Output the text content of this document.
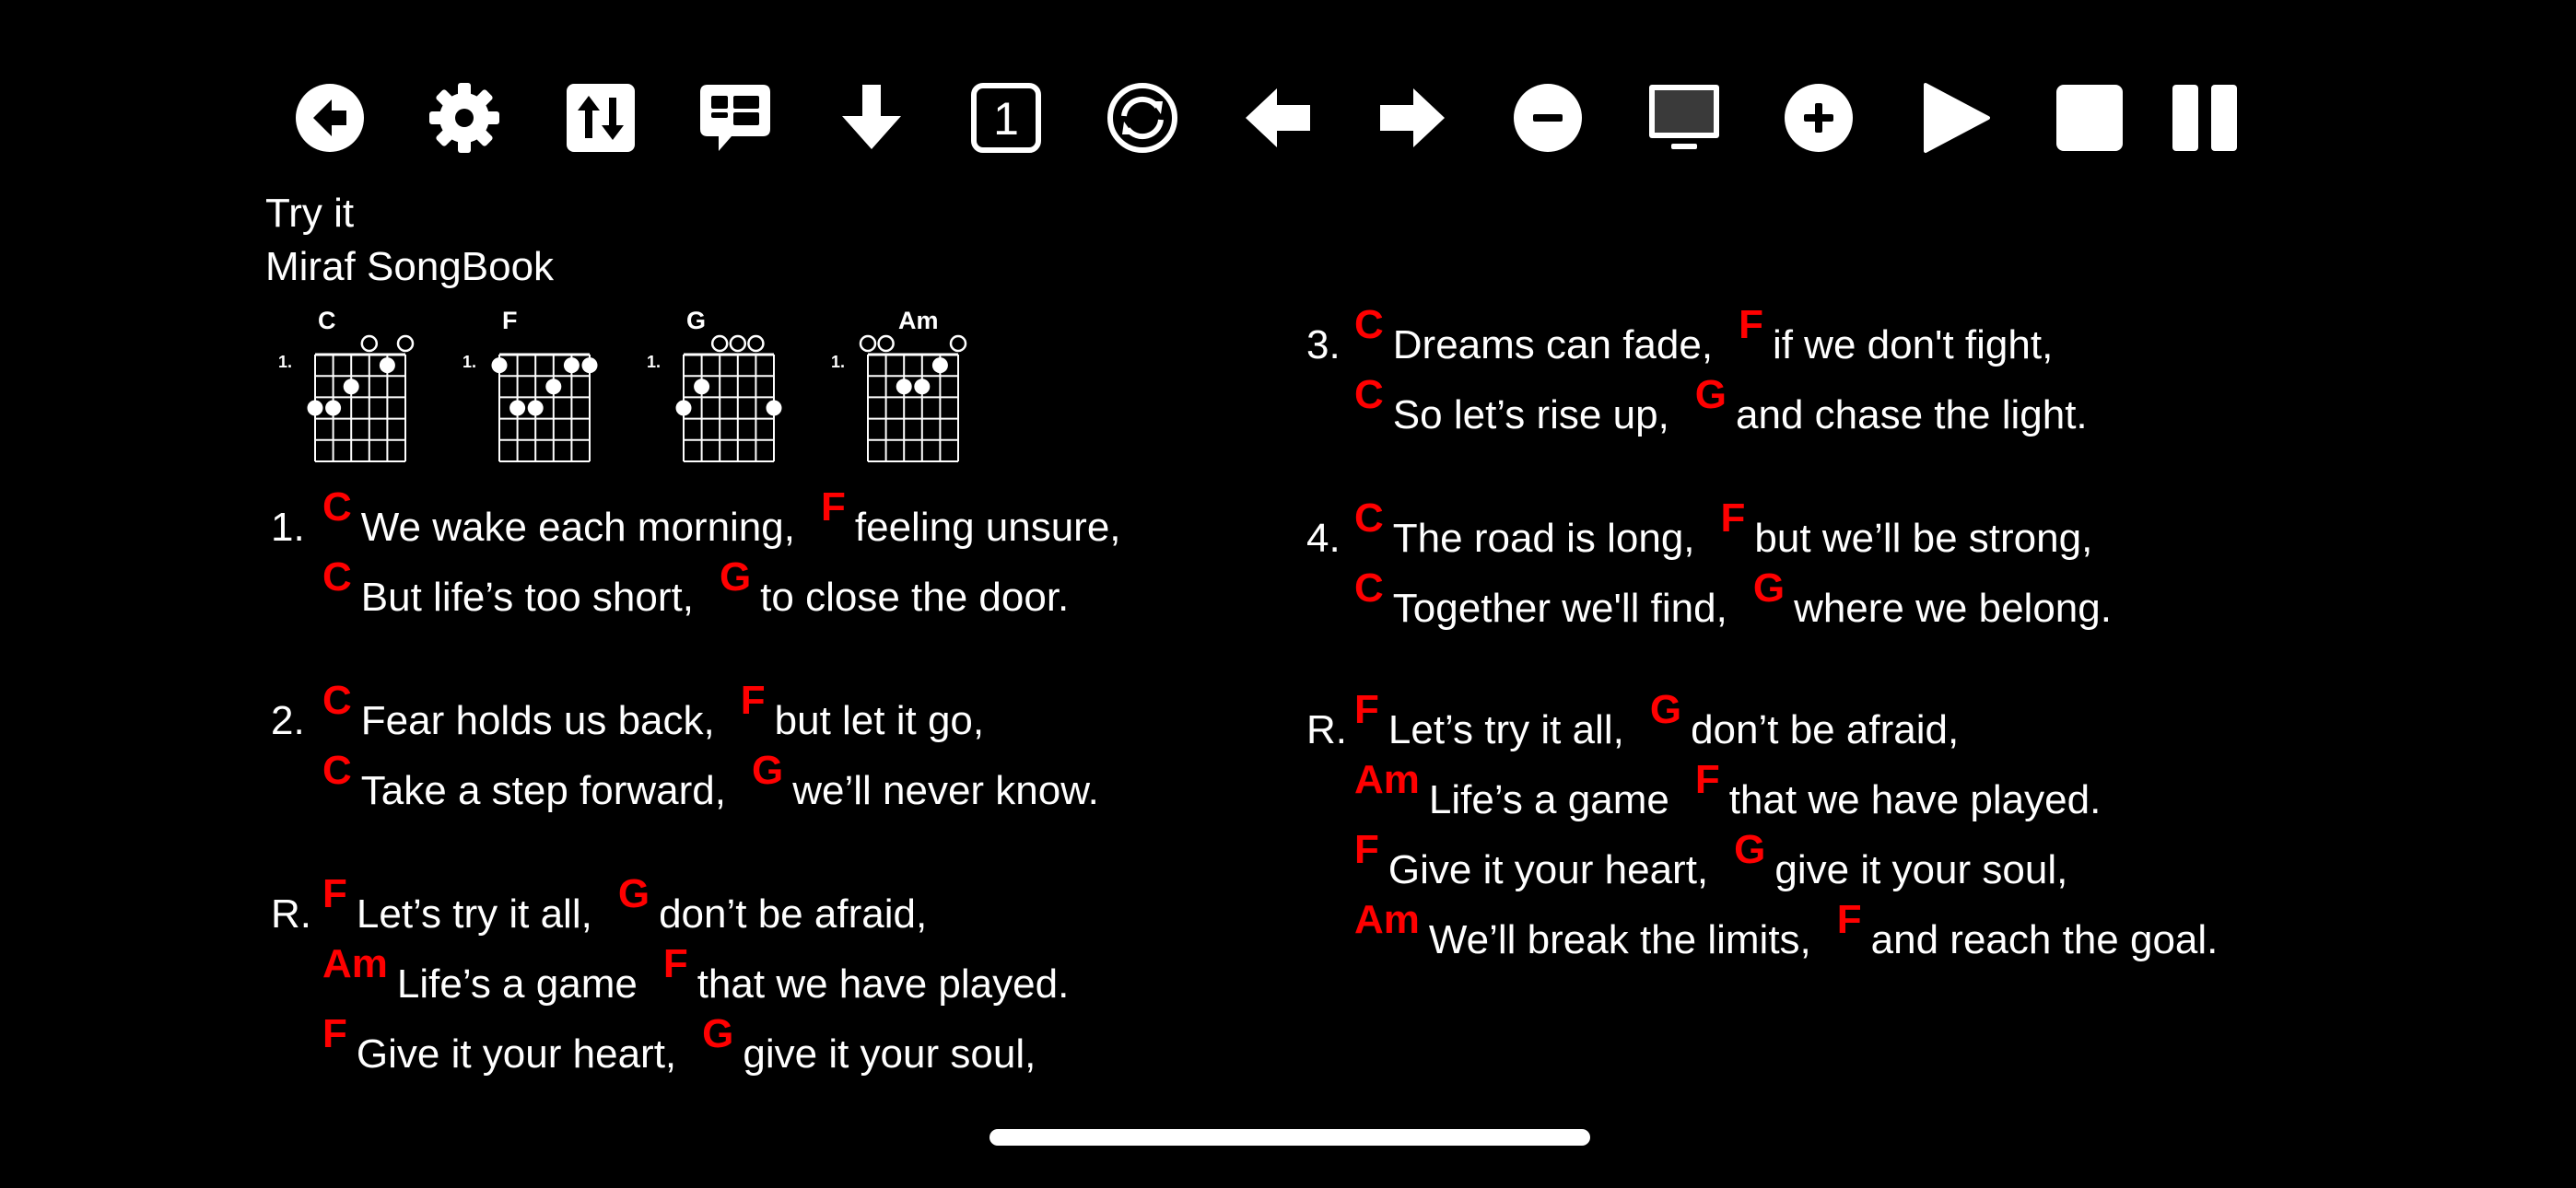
1
Try it
Miraf SongBook
C
1.
F
1.
G
1.
Am
1.
1. C We wake each morning, F feeling unsure,
C But life’s too short, G to close the door.
2. C Fear holds us back, F but let it go,
C Take a step forward, G we’ll never know.
R. F Let’s try it all, G don’t be afraid,
Am Life’s a game F that we have played.
F Give it your heart, G give it your soul,
3. C Dreams can fade, F if we don't fight,
C So let’s rise up, G and chase the light.
4. C The road is long, F but we’ll be strong,
C Together we'll find, G where we belong.
R. F Let’s try it all, G don’t be afraid,
Am Life’s a game F that we have played.
F Give it your heart, G give it your soul,
Am We’ll break the limits, F and reach the goal.
